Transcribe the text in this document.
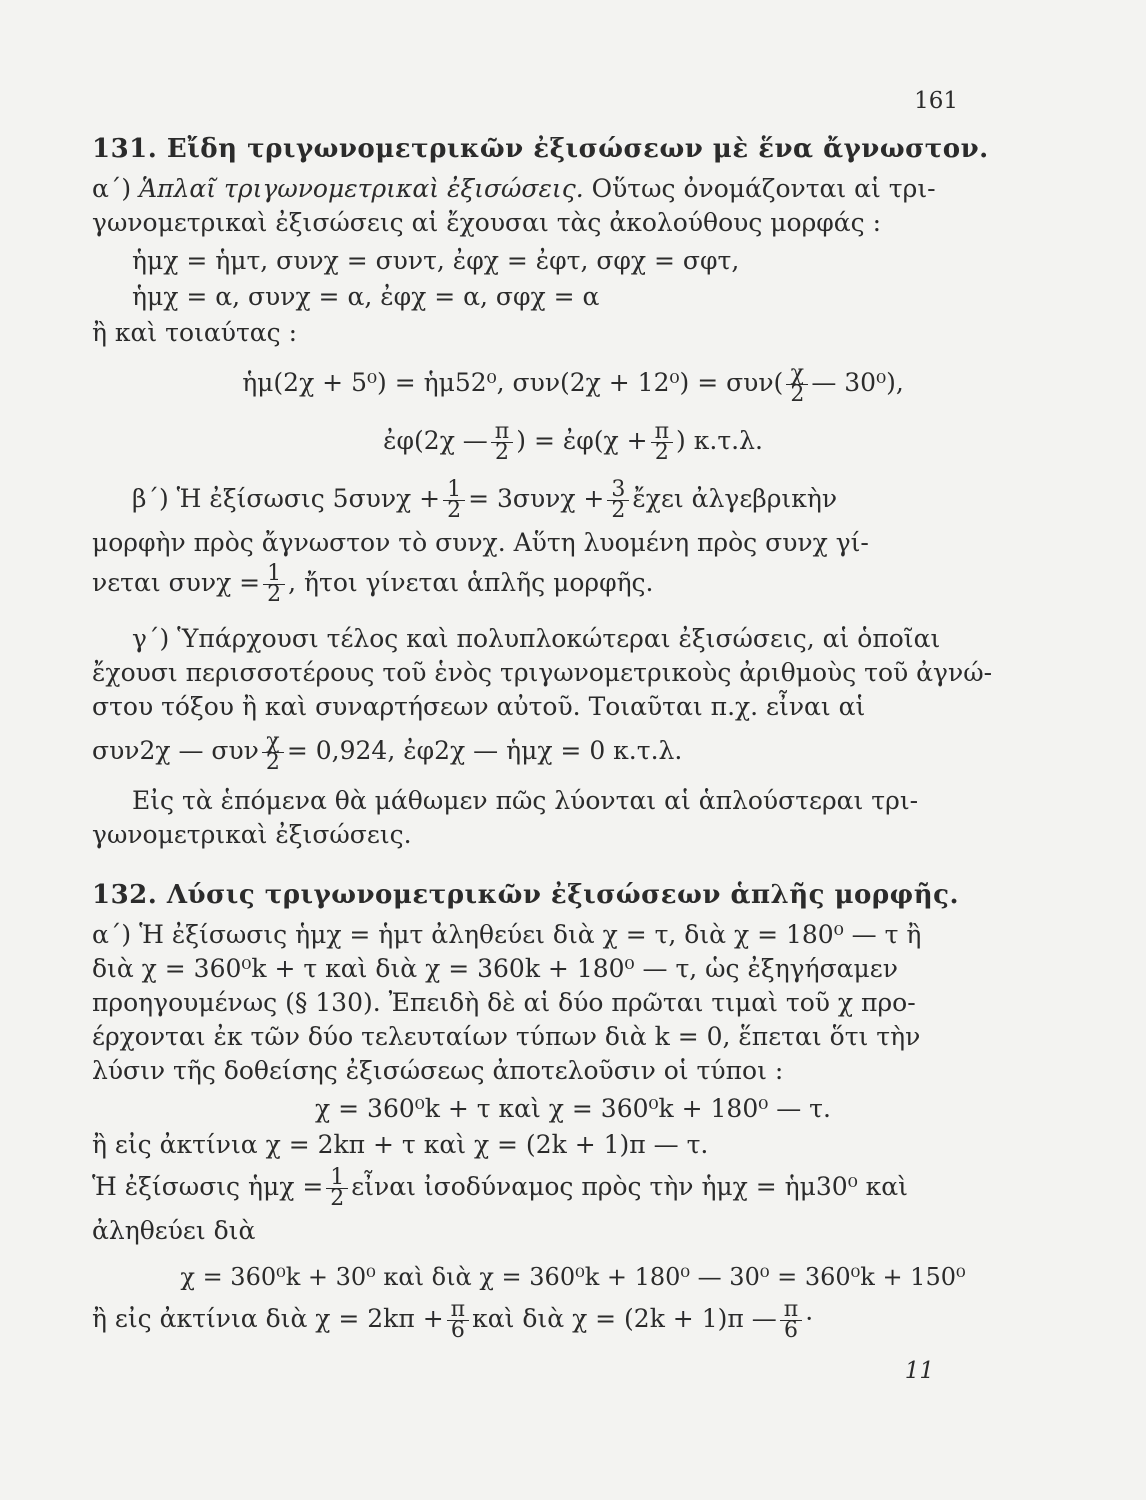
161
131. Εἴδη τριγωνομετρικῶν ἐξισώσεων μὲ ἕνα ἄγνωστον.
α΄) Ἁπλαῖ τριγωνομετρικαὶ ἐξισώσεις. Οὕτως ὀνομάζονται αἱ τρι-
γωνομετρικαὶ ἐξισώσεις αἱ ἔχουσαι τὰς ἀκολούθους μορφάς :
ἡμχ = ἡμτ, συνχ = συντ, ἐφχ = ἐφτ, σφχ = σφτ,
ἡμχ = α, συνχ = α, ἐφχ = α, σφχ = α
ἢ καὶ τοιαύτας :
ἡμ(2χ + 5⁰) = ἡμ52⁰, $\sigma\upsilon\nu(2\chi + 12^0) = \sigma\upsilon\nu( \frac{\chi}{2}$ — 30⁰),
ἐφ(2χ — $\frac{\pi}{2}$ ) = ἐφ(χ + $\frac{\pi}{2}$ ) κ.τ.λ.
β΄) Ἡ ἐξίσωσις $5\sigma\upsilon\nu\chi + \frac{1}{2} = 3\sigma\upsilon\nu\chi + \frac{3}{2}$ ἔχει ἀλγεβρικὴν
μορφὴν πρὸς ἄγνωστον τὸ συνχ. Αὕτη λυομένη πρὸς συνχ γί-
νεται $\sigma\upsilon\nu\chi = \frac{1}{2}$ , ἤτοι γίνεται ἁπλῆς μορφῆς.
γ΄) Ὑπάρχουσι τέλος καὶ πολυπλοκώτεραι ἐξισώσεις, αἱ ὁποῖαι
ἔχουσι περισσοτέρους τοῦ ἑνὸς τριγωνομετρικοὺς ἀριθμοὺς τοῦ ἀγνώ-
στου τόξου ἢ καὶ συναρτήσεων αὐτοῦ. Τοιαῦται π.χ. εἶναι αἱ
συν2χ — συν $\frac{\chi}{2} = 0,924$, ἐφ2χ — ἡμχ = 0 κ.τ.λ.
Εἰς τὰ ἑπόμενα θὰ μάθωμεν πῶς λύονται αἱ ἁπλούστεραι τρι-
γωνομετρικαὶ ἐξισώσεις.
132. Λύσις τριγωνομετρικῶν ἐξισώσεων ἁπλῆς μορφῆς.
α΄) Ἡ ἐξίσωσις ἡμχ = ἡμτ ἀληθεύει διὰ χ = τ, διὰ χ = 180⁰ — τ ἢ
διὰ χ = 360⁰k + τ καὶ διὰ χ = 360k + 180⁰ — τ, ὡς ἐξηγήσαμεν
προηγουμένως (§ 130). Ἐπειδὴ δὲ αἱ δύο πρῶται τιμαὶ τοῦ χ προ-
έρχονται ἐκ τῶν δύο τελευταίων τύπων διὰ k = 0, ἕπεται ὅτι τὴν
λύσιν τῆς δοθείσης ἐξισώσεως ἀποτελοῦσιν οἱ τύποι :
χ = 360⁰k + τ καὶ χ = 360⁰k + 180⁰ — τ.
ἢ εἰς ἀκτίνια χ = 2kπ + τ καὶ χ = (2k + 1)π — τ.
Ἡ ἐξίσωσις ἡμχ = $\frac{1}{2}$ εἶναι ἰσοδύναμος πρὸς τὴν ἡμχ = ἡμ30⁰ καὶ
ἀληθεύει διὰ
χ = 360⁰k + 30⁰ καὶ διὰ χ = 360⁰k + 180⁰ — 30⁰ = 360⁰k + 150⁰
ἢ εἰς ἀκτίνια διὰ $\chi = 2k\pi + \frac{\pi}{6}$ καὶ διὰ χ = (2k + 1)π — $\frac{\pi}{6}$ ·
11
